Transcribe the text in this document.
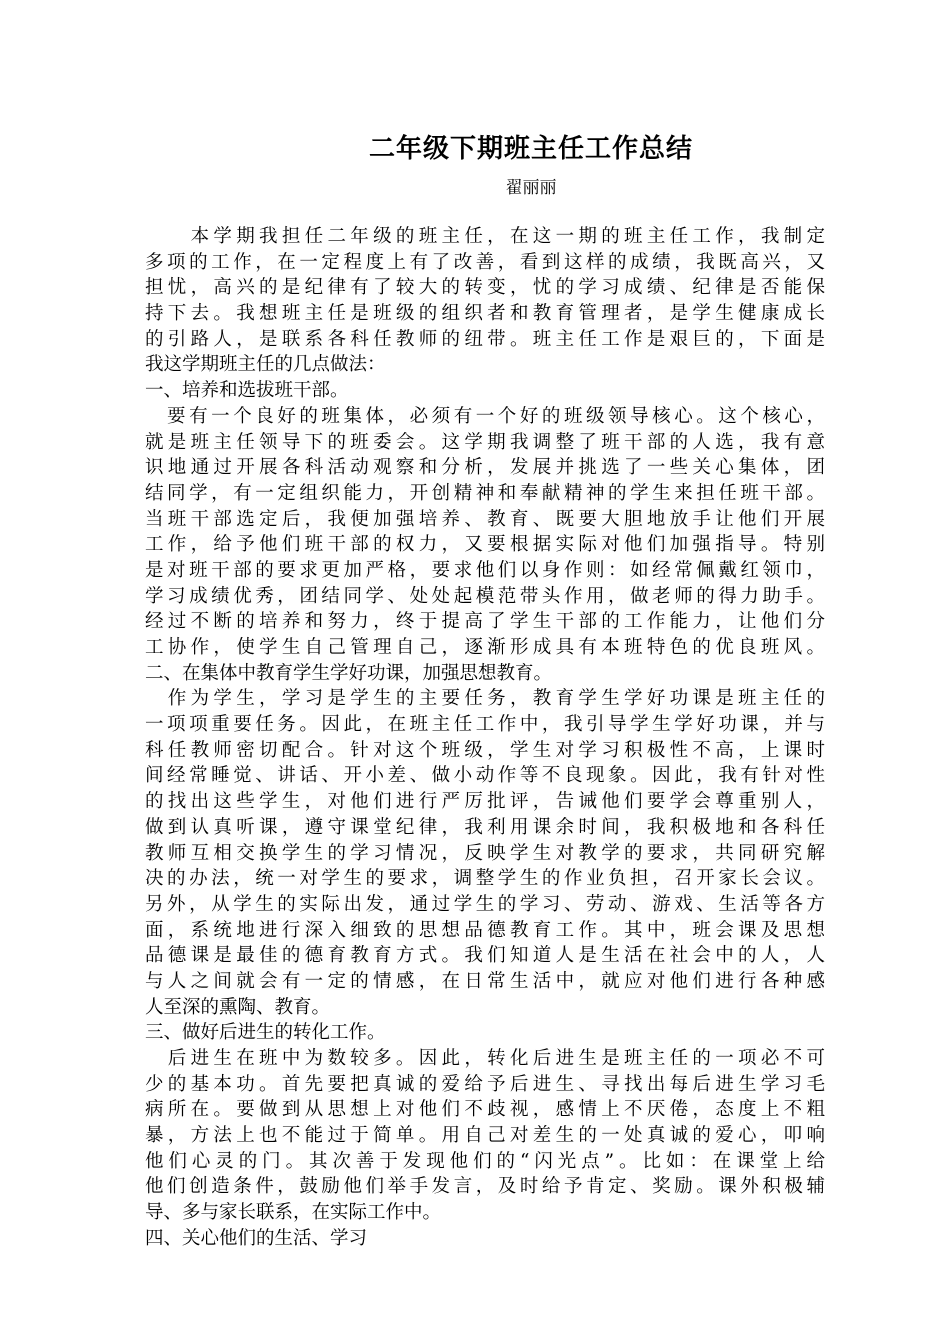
二年级下期班主任工作总结
翟丽丽
　　本学期我担任二年级的班主任，在这一期的班主任工作，我制定
多项的工作，在一定程度上有了改善，看到这样的成绩，我既高兴，又
担忧，高兴的是纪律有了较大的转变，忧的学习成绩、纪律是否能保
持下去。我想班主任是班级的组织者和教育管理者，是学生健康成长
的引路人，是联系各科任教师的纽带。班主任工作是艰巨的，下面是
我这学期班主任的几点做法：
一、培养和选拔班干部。
　要有一个良好的班集体，必须有一个好的班级领导核心。这个核心，
就是班主任领导下的班委会。这学期我调整了班干部的人选，我有意
识地通过开展各科活动观察和分析，发展并挑选了一些关心集体，团
结同学，有一定组织能力，开创精神和奉献精神的学生来担任班干部。
当班干部选定后，我便加强培养、教育、既要大胆地放手让他们开展
工作，给予他们班干部的权力，又要根据实际对他们加强指导。特别
是对班干部的要求更加严格，要求他们以身作则：如经常佩戴红领巾，
学习成绩优秀，团结同学、处处起模范带头作用，做老师的得力助手。
经过不断的培养和努力，终于提高了学生干部的工作能力，让他们分
工协作，使学生自己管理自己，逐渐形成具有本班特色的优良班风。
二、在集体中教育学生学好功课，加强思想教育。
　作为学生，学习是学生的主要任务，教育学生学好功课是班主任的
一项项重要任务。因此，在班主任工作中，我引导学生学好功课，并与
科任教师密切配合。针对这个班级，学生对学习积极性不高，上课时
间经常睡觉、讲话、开小差、做小动作等不良现象。因此，我有针对性
的找出这些学生，对他们进行严厉批评，告诫他们要学会尊重别人，
做到认真听课，遵守课堂纪律，我利用课余时间，我积极地和各科任
教师互相交换学生的学习情况，反映学生对教学的要求，共同研究解
决的办法，统一对学生的要求，调整学生的作业负担，召开家长会议。
另外，从学生的实际出发，通过学生的学习、劳动、游戏、生活等各方
面，系统地进行深入细致的思想品德教育工作。其中，班会课及思想
品德课是最佳的德育教育方式。我们知道人是生活在社会中的人，人
与人之间就会有一定的情感，在日常生活中，就应对他们进行各种感
人至深的熏陶、教育。
三、做好后进生的转化工作。
　后进生在班中为数较多。因此，转化后进生是班主任的一项必不可
少的基本功。首先要把真诚的爱给予后进生、寻找出每后进生学习毛
病所在。要做到从思想上对他们不歧视，感情上不厌倦，态度上不粗
暴，方法上也不能过于简单。用自己对差生的一处真诚的爱心，叩响
他们心灵的门。其次善于发现他们的“闪光点”。比如：在课堂上给
他们创造条件，鼓励他们举手发言，及时给予肯定、奖励。课外积极辅
导、多与家长联系，在实际工作中。
四、关心他们的生活、学习
